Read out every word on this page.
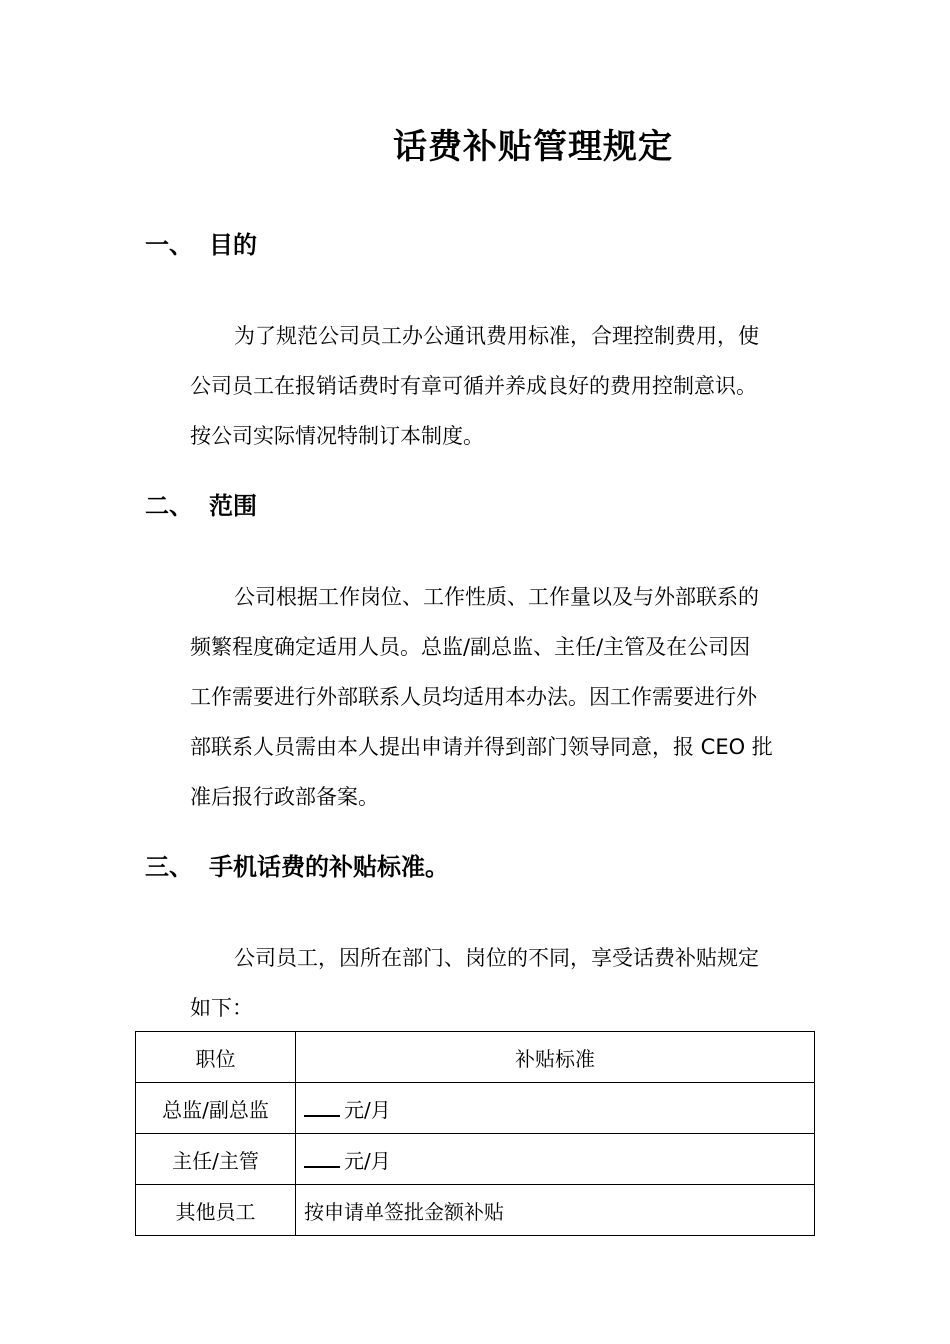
话费补贴管理规定
一、 目的
为了规范公司员工办公通讯费用标准，合理控制费用，使
公司员工在报销话费时有章可循并养成良好的费用控制意识。
按公司实际情况特制订本制度。
二、 范围
公司根据工作岗位、工作性质、工作量以及与外部联系的
频繁程度确定适用人员。总监/副总监、主任/主管及在公司因
工作需要进行外部联系人员均适用本办法。因工作需要进行外
部联系人员需由本人提出申请并得到部门领导同意，报 CEO 批
准后报行政部备案。
三、 手机话费的补贴标准。
公司员工，因所在部门、岗位的不同，享受话费补贴规定
如下：
职位	补贴标准
总监/副总监	元/月
主任/主管	元/月
其他员工	按申请单签批金额补贴
